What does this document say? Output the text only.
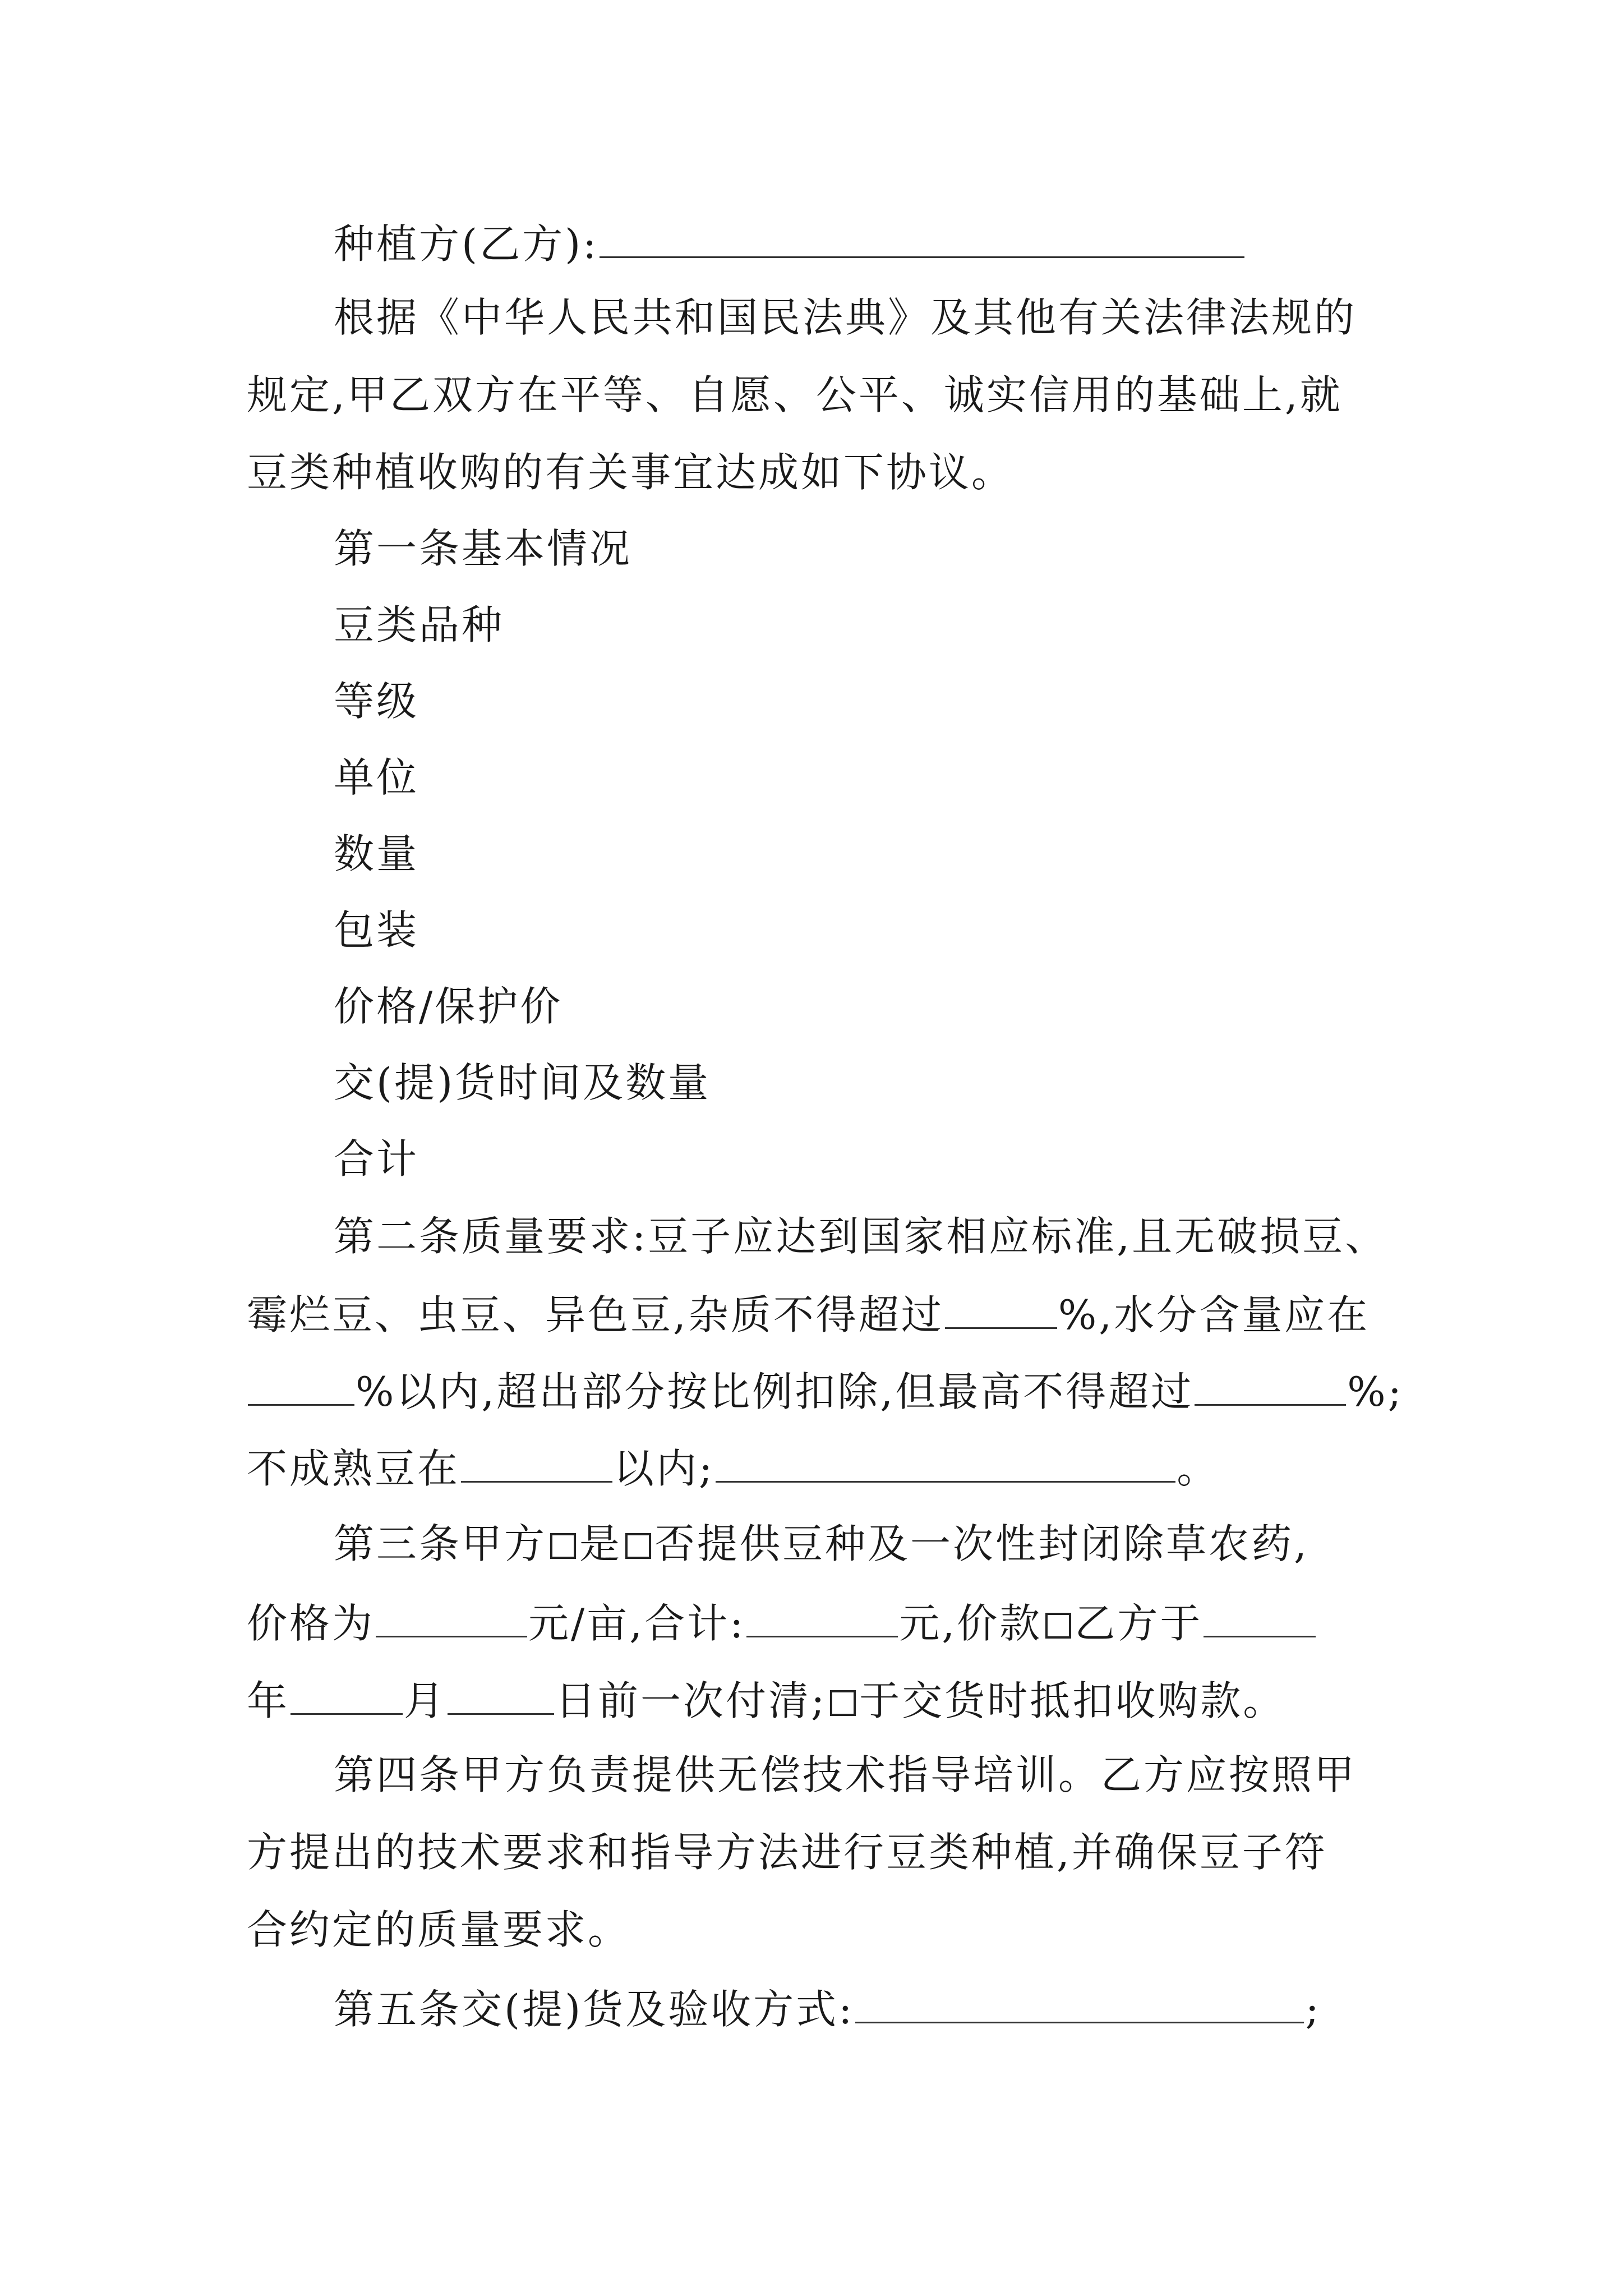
种植方(乙方):
根据《中华人民共和国民法典》及其他有关法律法规的
规定,甲乙双方在平等、自愿、公平、诚实信用的基础上,就
豆类种植收购的有关事宜达成如下协议。
第一条基本情况
豆类品种
等级
单位
数量
包装
价格/保护价
交(提)货时间及数量
合计
第二条质量要求:豆子应达到国家相应标准,且无破损豆、
霉烂豆、虫豆、异色豆,杂质不得超过	%,水分含量应在
%以内,超出部分按比例扣除,但最高不得超过	%;
不成熟豆在	以内;	。
第三条甲方 是 否提供豆种及一次性封闭除草农药,
价格为	元/亩,合计:	元,价款 乙方于
年	月	日前一次付清; 于交货时抵扣收购款。
第四条甲方负责提供无偿技术指导培训。乙方应按照甲
方提出的技术要求和指导方法进行豆类种植,并确保豆子符
合约定的质量要求。
第五条交(提)货及验收方式:	;
